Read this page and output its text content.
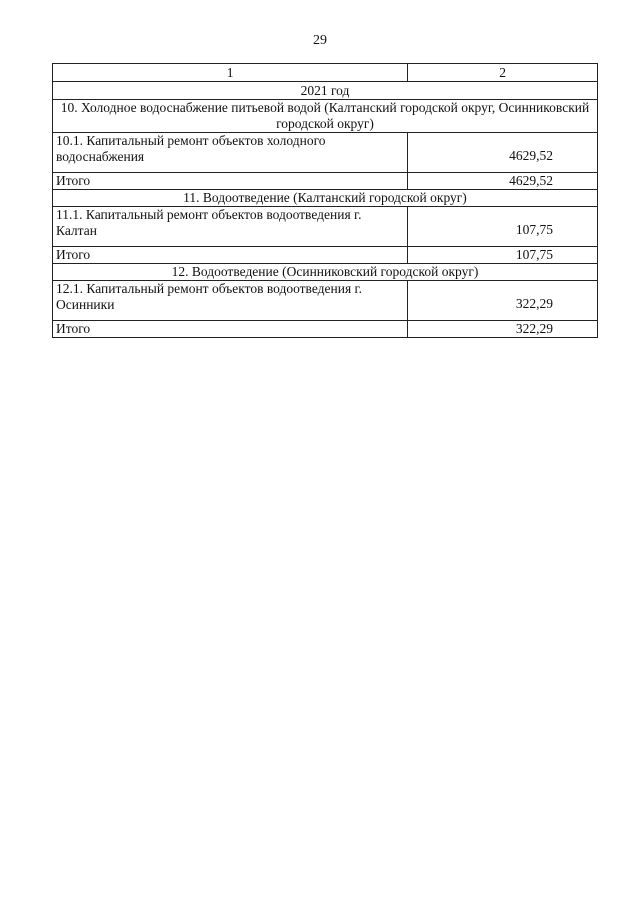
29
1	2
2021 год	
10. Холодное водоснабжение питьевой водой (Калтанский городской округ, Осинниковский городской округ)	
10.1. Капитальный ремонт объектов холодного водоснабжения	4629,52
Итого	4629,52
11. Водоотведение (Калтанский городской округ)	
11.1. Капитальный ремонт объектов водоотведения г. Калтан	107,75
Итого	107,75
12. Водоотведение (Осинниковский городской округ)	
12.1. Капитальный ремонт объектов водоотведения г. Осинники	322,29
Итого	322,29
